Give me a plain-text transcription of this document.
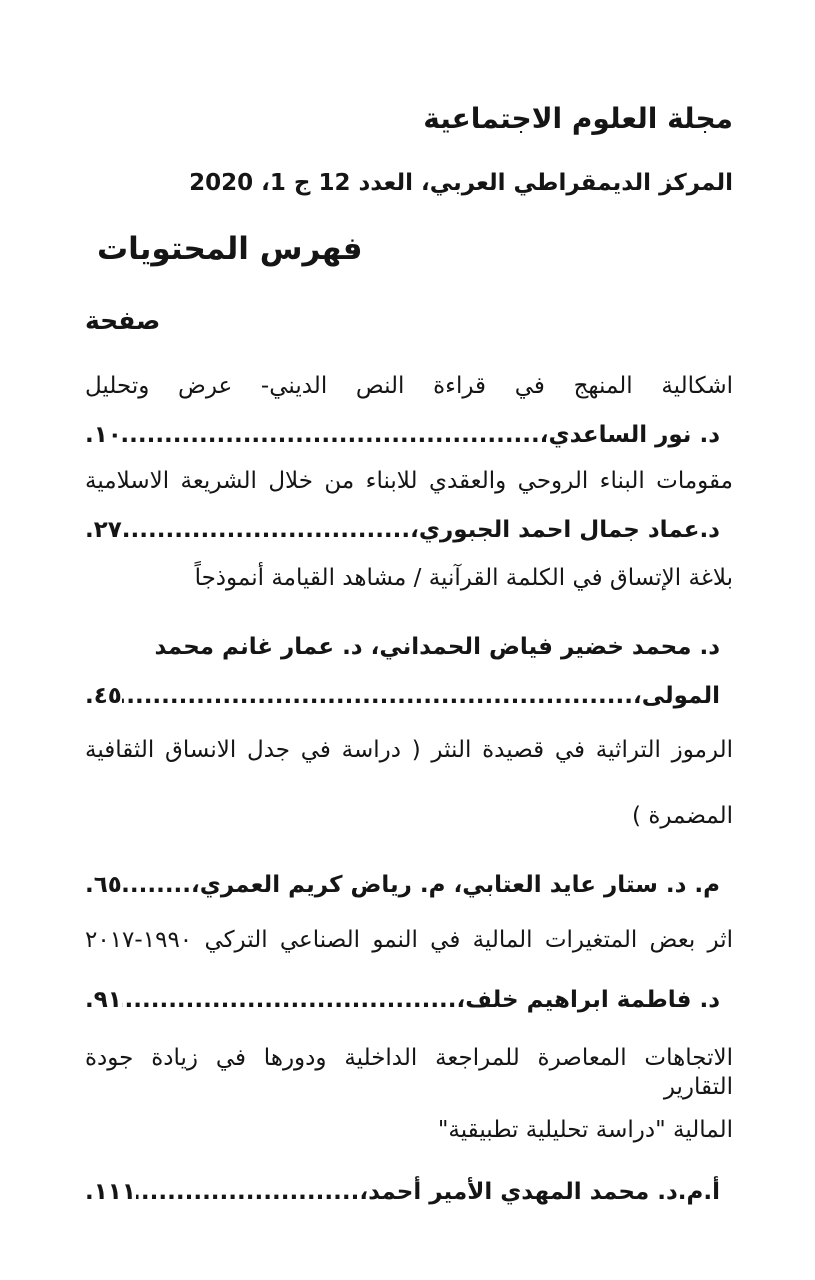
مجلة العلوم الاجتماعية
المركز الديمقراطي العربي، العدد 12 ج 1، 2020
فهرس المحتويات
صفحة
اشكالية المنهج في قراءة النص الديني- عرض وتحليل
د. نور الساعدي،
.....
١٠.
مقومات البناء الروحي والعقدي للابناء من خلال الشريعة الاسلامية
د.عماد جمال احمد الجبوري،
.....
٢٧.
بلاغة الإتساق في الكلمة القرآنية / مشاهد القيامة أنموذجاً
د. محمد خضير فياض الحمداني، د. عمار غانم محمد
المولى،
.....
٤٥.
الرموز التراثية في قصيدة النثر ( دراسة في جدل الانساق الثقافية
المضمرة )
م. د. ستار عايد العتابي، م. رياض كريم العمري،
.....
٦٥.
اثر بعض المتغيرات المالية في النمو الصناعي التركي ١٩٩٠-٢٠١٧
د. فاطمة ابراهيم خلف،
.....
٩١.
الاتجاهات المعاصرة للمراجعة الداخلية ودورها في زيادة جودة التقارير
المالية "دراسة تحليلية تطبيقية"
أ.م.د. محمد المهدي الأمير أحمد،
.....
١١١.
